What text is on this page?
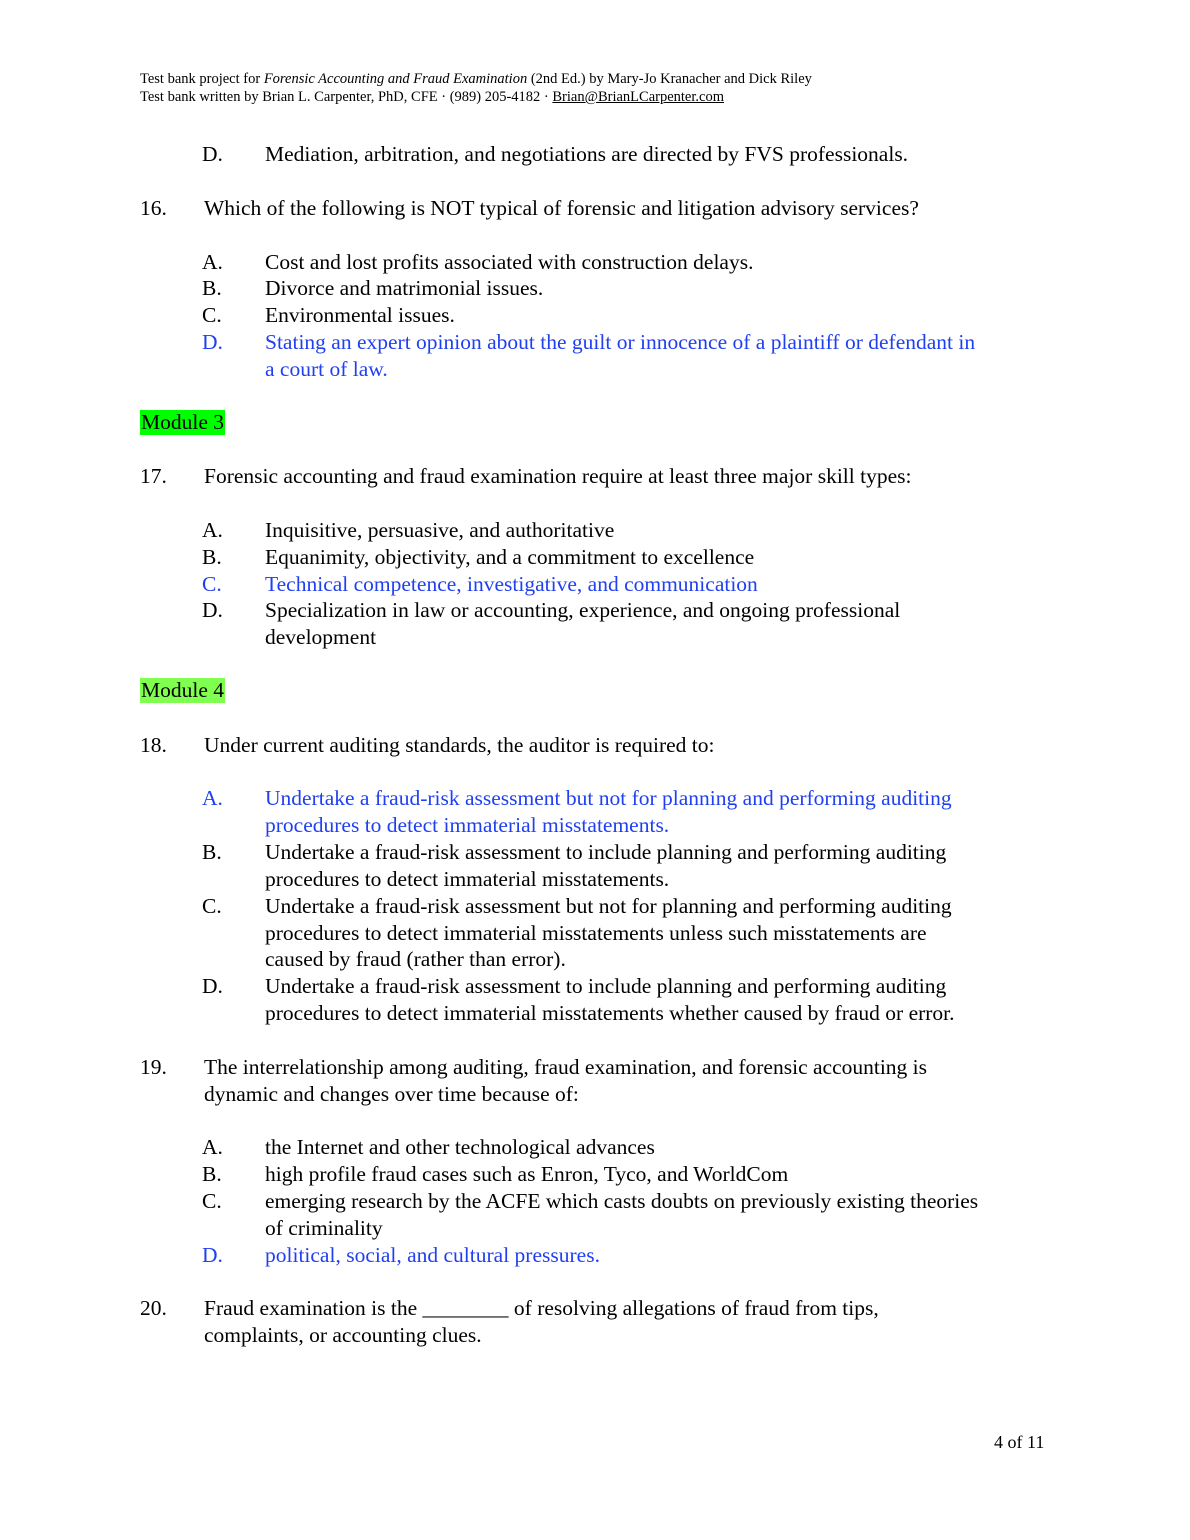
Test bank project for Forensic Accounting and Fraud Examination (2nd Ed.) by Mary-Jo Kranacher and Dick Riley
Test bank written by Brian L. Carpenter, PhD, CFE · (989) 205-4182 · Brian@BrianLCarpenter.com
D. Mediation, arbitration, and negotiations are directed by FVS professionals.
16. Which of the following is NOT typical of forensic and litigation advisory services?
A. Cost and lost profits associated with construction delays.
B. Divorce and matrimonial issues.
C. Environmental issues.
D. Stating an expert opinion about the guilt or innocence of a plaintiff or defendant in
a court of law.
Module 3
17. Forensic accounting and fraud examination require at least three major skill types:
A. Inquisitive, persuasive, and authoritative
B. Equanimity, objectivity, and a commitment to excellence
C. Technical competence, investigative, and communication
D. Specialization in law or accounting, experience, and ongoing professional
development
Module 4
18. Under current auditing standards, the auditor is required to:
A. Undertake a fraud-risk assessment but not for planning and performing auditing
procedures to detect immaterial misstatements.
B. Undertake a fraud-risk assessment to include planning and performing auditing
procedures to detect immaterial misstatements.
C. Undertake a fraud-risk assessment but not for planning and performing auditing
procedures to detect immaterial misstatements unless such misstatements are
caused by fraud (rather than error).
D. Undertake a fraud-risk assessment to include planning and performing auditing
procedures to detect immaterial misstatements whether caused by fraud or error.
19. The interrelationship among auditing, fraud examination, and forensic accounting is
dynamic and changes over time because of:
A. the Internet and other technological advances
B. high profile fraud cases such as Enron, Tyco, and WorldCom
C. emerging research by the ACFE which casts doubts on previously existing theories
of criminality
D. political, social, and cultural pressures.
20. Fraud examination is the ________ of resolving allegations of fraud from tips,
complaints, or accounting clues.
4 of 11
